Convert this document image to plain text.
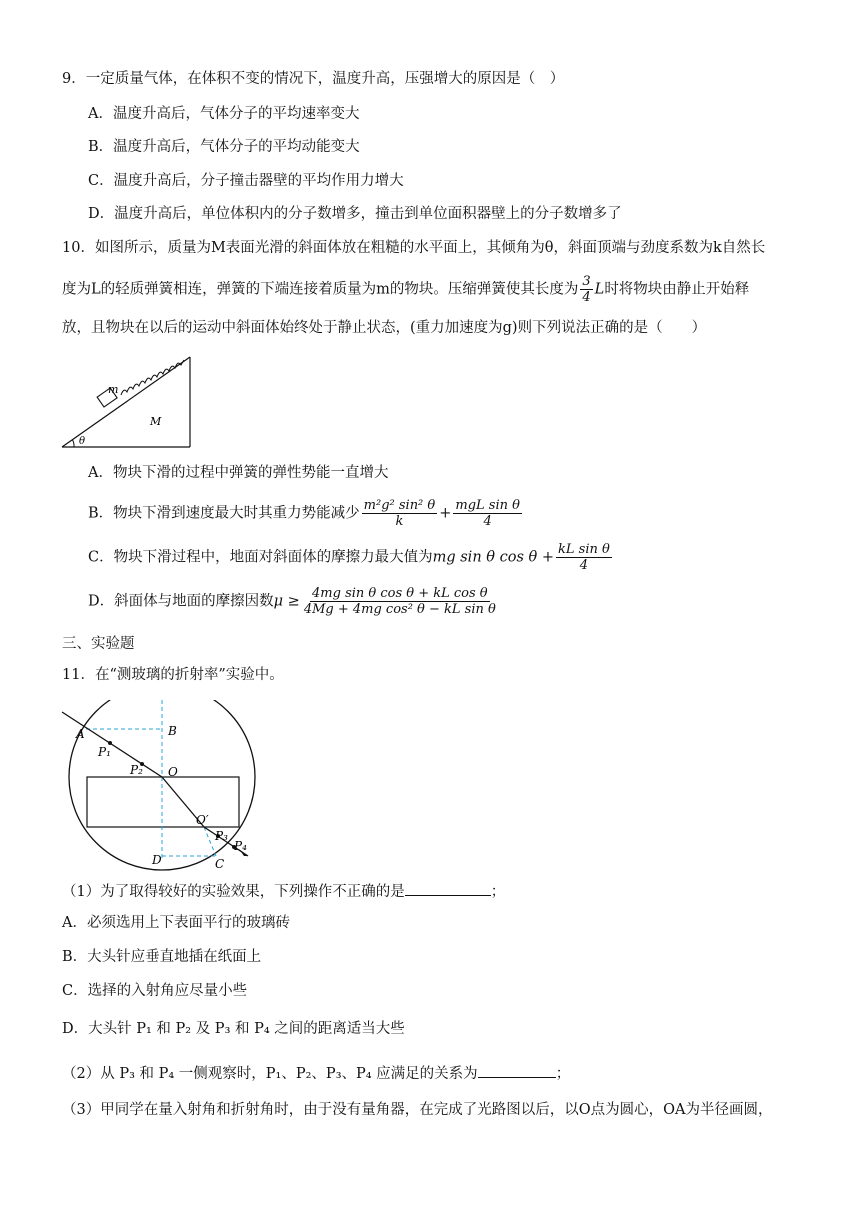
9．一定质量气体，在体积不变的情况下，温度升高，压强增大的原因是（　）
A．温度升高后，气体分子的平均速率变大
B．温度升高后，气体分子的平均动能变大
C．温度升高后，分子撞击器壁的平均作用力增大
D．温度升高后，单位体积内的分子数增多，撞击到单位面积器壁上的分子数增多了
10．如图所示，质量为M表面光滑的斜面体放在粗糙的水平面上，其倾角为θ，斜面顶端与劲度系数为k自然长
度为L的轻质弹簧相连，弹簧的下端连接着质量为m的物块。压缩弹簧使其长度为 $\frac{3}{4}$ L时将物块由静止开始释
放，且物块在以后的运动中斜面体始终处于静止状态，(重力加速度为g)则下列说法正确的是（　　）
m
M
θ
A．物块下滑的过程中弹簧的弹性势能一直增大
B．物块下滑到速度最大时其重力势能减少 $\frac{\text{m²g² sin² θ}}{k} + \frac{\text{mgL sin θ}}{4}$
C．物块下滑过程中，地面对斜面体的摩擦力最大值为mg sin θ $\cos \theta + \frac{\text{kL sin θ}}{4}$
D．斜面体与地面的摩擦因数$\mu \ge \frac{\text{4mg sin θ cos θ + kL cos θ}}{\text{4Mg + 4mg cos² θ − kL sin θ}}$
三、实验题
11．在“测玻璃的折射率”实验中。
A	B
O
O′
P₁
P₂
P₃
P₄
C
D
（1）为了取得较好的实验效果，下列操作不正确的是	；
A．必须选用上下表面平行的玻璃砖
B．大头针应垂直地插在纸面上
C．选择的入射角应尽量小些
D．大头针 P₁ 和 P₂ 及 P₃ 和 P₄ 之间的距离适当大些
（2）从 P₃ 和 P₄ 一侧观察时，P₁、P₂、P₃、P₄ 应满足的关系为	；
（3）甲同学在量入射角和折射角时，由于没有量角器，在完成了光路图以后，以O点为圆心，OA为半径画圆，
